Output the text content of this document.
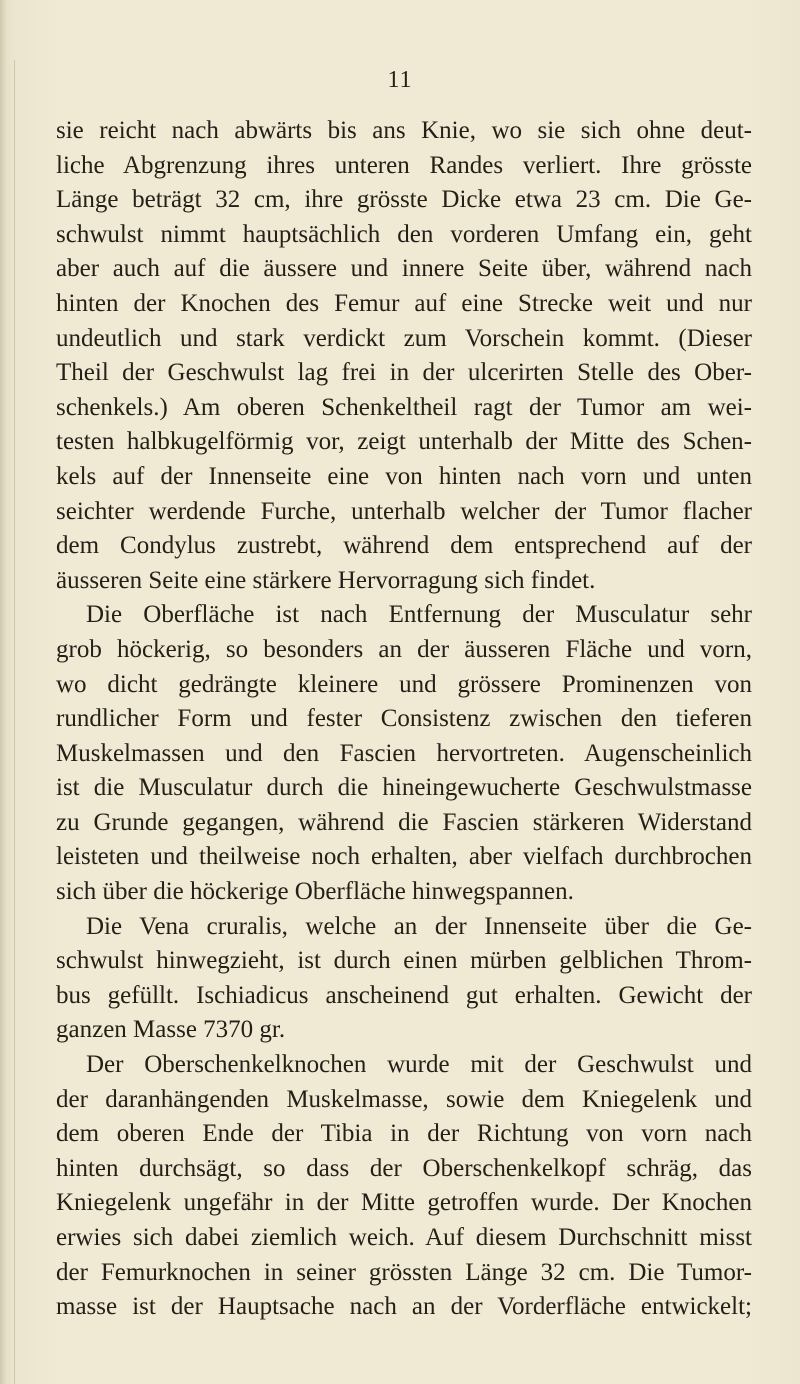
11
sie reicht nach abwärts bis ans Knie, wo sie sich ohne deut-
liche Abgrenzung ihres unteren Randes verliert. Ihre grösste
Länge beträgt 32 cm, ihre grösste Dicke etwa 23 cm. Die Ge-
schwulst nimmt hauptsächlich den vorderen Umfang ein, geht
aber auch auf die äussere und innere Seite über, während nach
hinten der Knochen des Femur auf eine Strecke weit und nur
undeutlich und stark verdickt zum Vorschein kommt. (Dieser
Theil der Geschwulst lag frei in der ulcerirten Stelle des Ober-
schenkels.) Am oberen Schenkeltheil ragt der Tumor am wei-
testen halbkugelförmig vor, zeigt unterhalb der Mitte des Schen-
kels auf der Innenseite eine von hinten nach vorn und unten
seichter werdende Furche, unterhalb welcher der Tumor flacher
dem Condylus zustrebt, während dem entsprechend auf der
äusseren Seite eine stärkere Hervorragung sich findet.
Die Oberfläche ist nach Entfernung der Musculatur sehr
grob höckerig, so besonders an der äusseren Fläche und vorn,
wo dicht gedrängte kleinere und grössere Prominenzen von
rundlicher Form und fester Consistenz zwischen den tieferen
Muskelmassen und den Fascien hervortreten. Augenscheinlich
ist die Musculatur durch die hineingewucherte Geschwulstmasse
zu Grunde gegangen, während die Fascien stärkeren Widerstand
leisteten und theilweise noch erhalten, aber vielfach durchbrochen
sich über die höckerige Oberfläche hinwegspannen.
Die Vena cruralis, welche an der Innenseite über die Ge-
schwulst hinwegzieht, ist durch einen mürben gelblichen Throm-
bus gefüllt. Ischiadicus anscheinend gut erhalten. Gewicht der
ganzen Masse 7370 gr.
Der Oberschenkelknochen wurde mit der Geschwulst und
der daranhängenden Muskelmasse, sowie dem Kniegelenk und
dem oberen Ende der Tibia in der Richtung von vorn nach
hinten durchsägt, so dass der Oberschenkelkopf schräg, das
Kniegelenk ungefähr in der Mitte getroffen wurde. Der Knochen
erwies sich dabei ziemlich weich. Auf diesem Durchschnitt misst
der Femurknochen in seiner grössten Länge 32 cm. Die Tumor-
masse ist der Hauptsache nach an der Vorderfläche entwickelt;
